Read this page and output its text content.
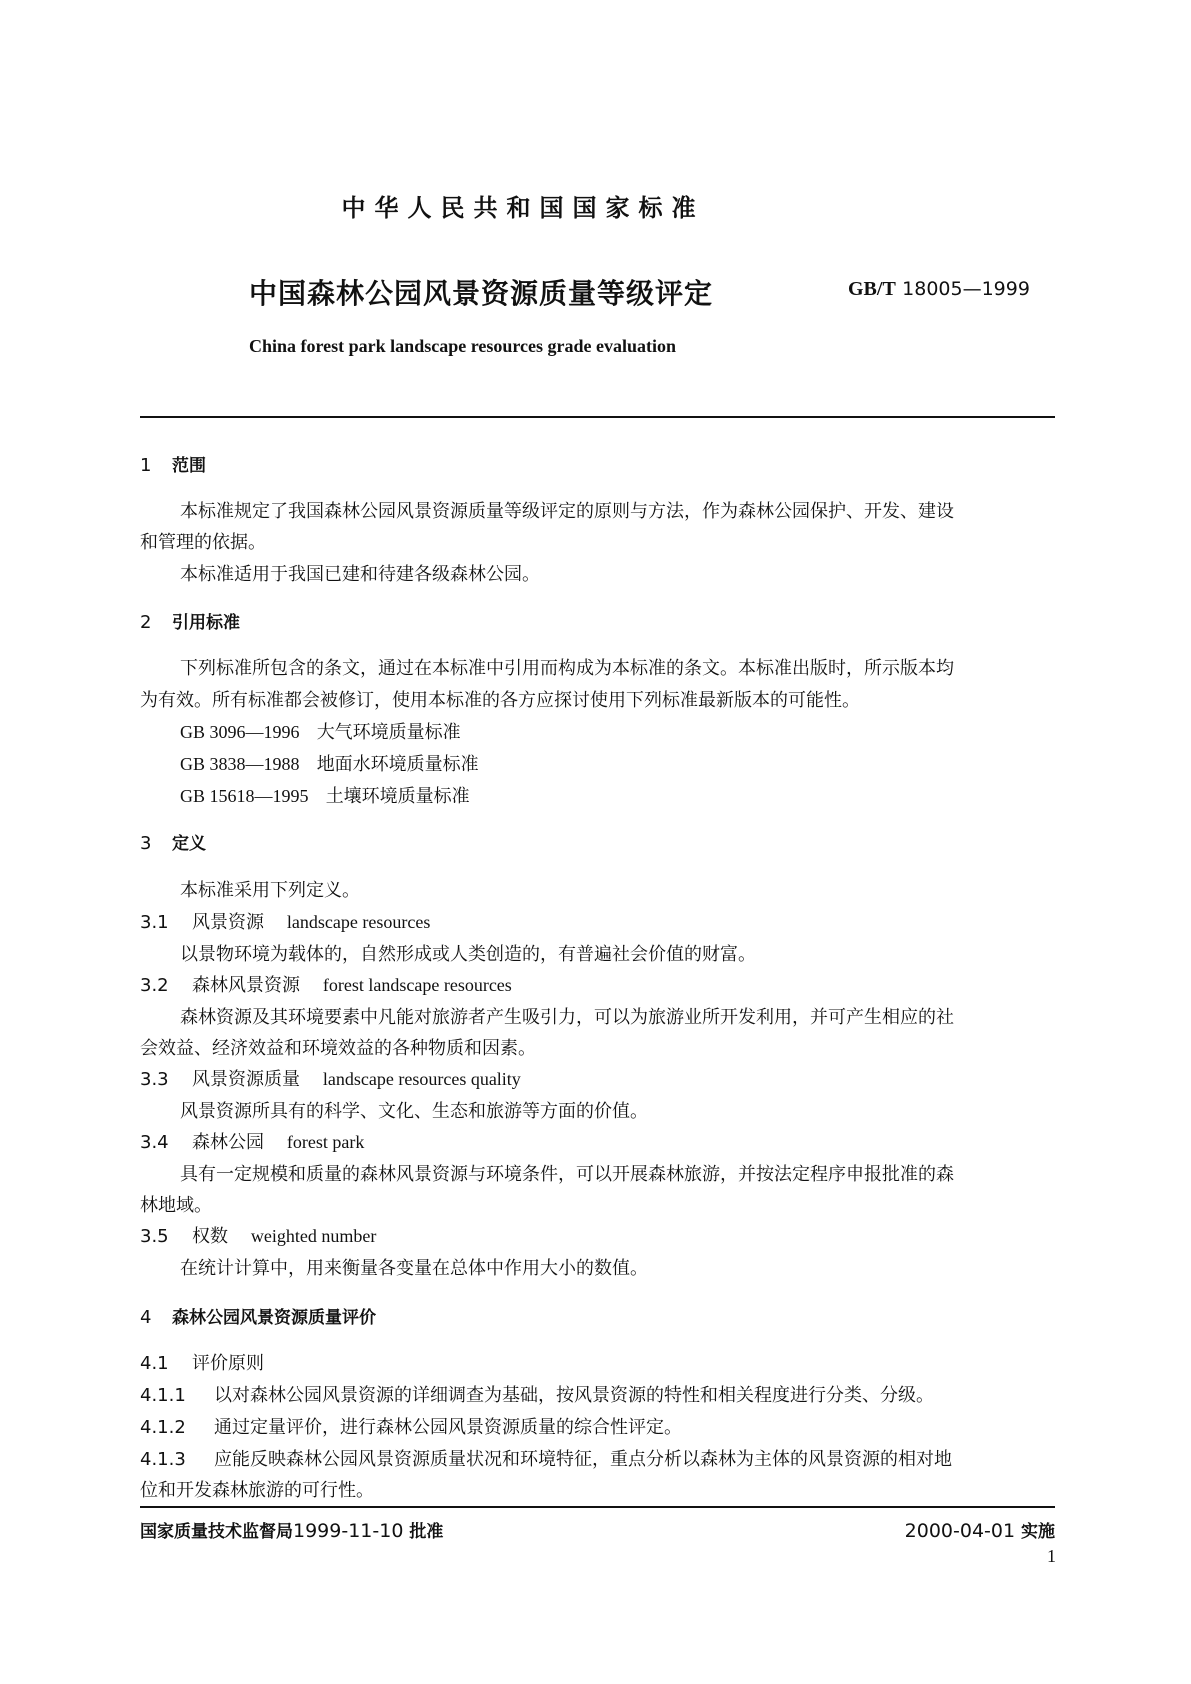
中华人民共和国国家标准
中国森林公园风景资源质量等级评定	GB/T 18005—1999
China forest park landscape resources grade evaluation
1 范围
本标准规定了我国森林公园风景资源质量等级评定的原则与方法，作为森林公园保护、开发、建设
和管理的依据。
本标准适用于我国已建和待建各级森林公园。
2 引用标准
下列标准所包含的条文，通过在本标准中引用而构成为本标准的条文。本标准出版时，所示版本均
为有效。所有标准都会被修订，使用本标准的各方应探讨使用下列标准最新版本的可能性。
GB 3096—1996 大气环境质量标准
GB 3838—1988 地面水环境质量标准
GB 15618—1995 土壤环境质量标准
3 定义
本标准采用下列定义。
3.1 风景资源 landscape resources
以景物环境为载体的，自然形成或人类创造的，有普遍社会价值的财富。
3.2 森林风景资源 forest landscape resources
森林资源及其环境要素中凡能对旅游者产生吸引力，可以为旅游业所开发利用，并可产生相应的社
会效益、经济效益和环境效益的各种物质和因素。
3.3 风景资源质量 landscape resources quality
风景资源所具有的科学、文化、生态和旅游等方面的价值。
3.4 森林公园 forest park
具有一定规模和质量的森林风景资源与环境条件，可以开展森林旅游，并按法定程序申报批准的森
林地域。
3.5 权数 weighted number
在统计计算中，用来衡量各变量在总体中作用大小的数值。
4 森林公园风景资源质量评价
4.1 评价原则
4.1.1 以对森林公园风景资源的详细调查为基础，按风景资源的特性和相关程度进行分类、分级。
4.1.2 通过定量评价，进行森林公园风景资源质量的综合性评定。
4.1.3 应能反映森林公园风景资源质量状况和环境特征，重点分析以森林为主体的风景资源的相对地
位和开发森林旅游的可行性。
国家质量技术监督局1999-11-10 批准	2000-04-01 实施
1
